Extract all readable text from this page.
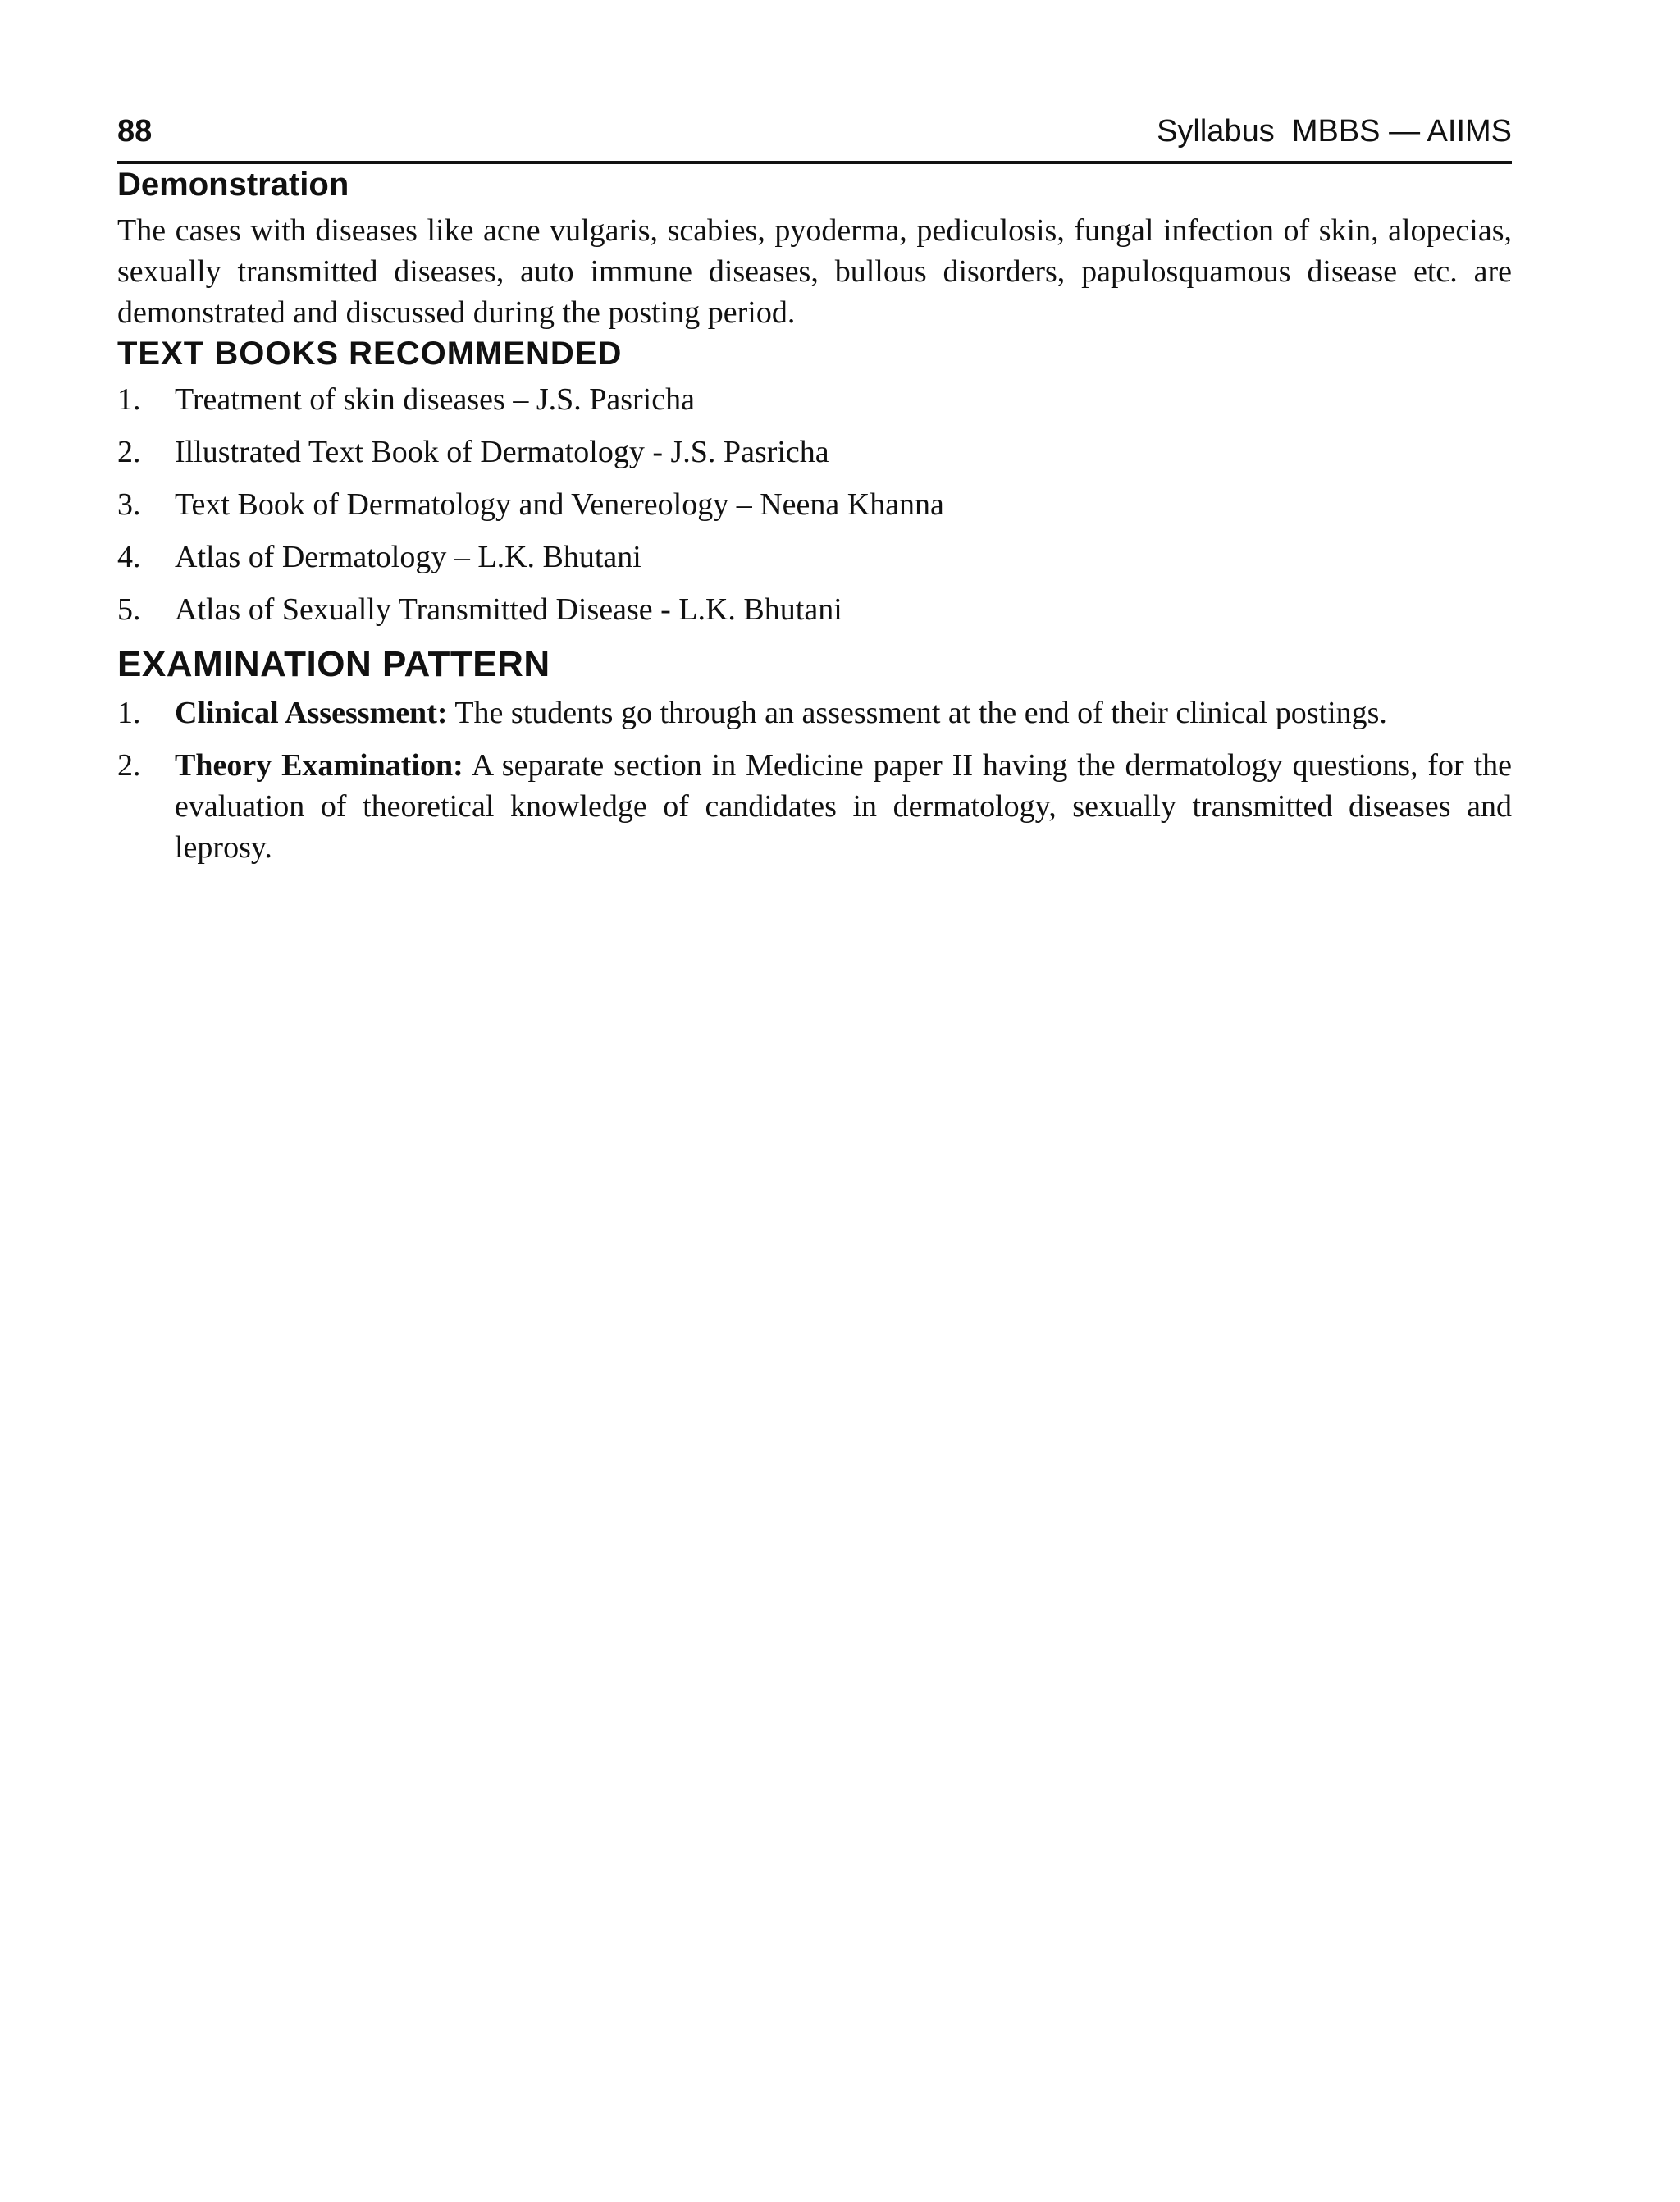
88	Syllabus  MBBS — AIIMS
Demonstration

The cases with diseases like acne vulgaris, scabies, pyoderma, pediculosis, fungal infection of skin, alopecias, sexually transmitted diseases, auto immune diseases, bullous disorders, papulosquamous disease etc. are demonstrated and discussed during the posting period.

TEXT BOOKS RECOMMENDED
1.	Treatment of skin diseases – J.S. Pasricha
2.	Illustrated Text Book of Dermatology - J.S. Pasricha
3.	Text Book of Dermatology and Venereology – Neena Khanna
4.	Atlas of Dermatology – L.K. Bhutani
5.	Atlas of Sexually Transmitted Disease - L.K. Bhutani
EXAMINATION PATTERN
1.	Clinical Assessment: The students go through an assessment at the end of their clinical postings.
2.	Theory Examination: A separate section in Medicine paper II having the dermatology questions, for the evaluation of theoretical knowledge of candidates in dermatology, sexually transmitted diseases and leprosy.
